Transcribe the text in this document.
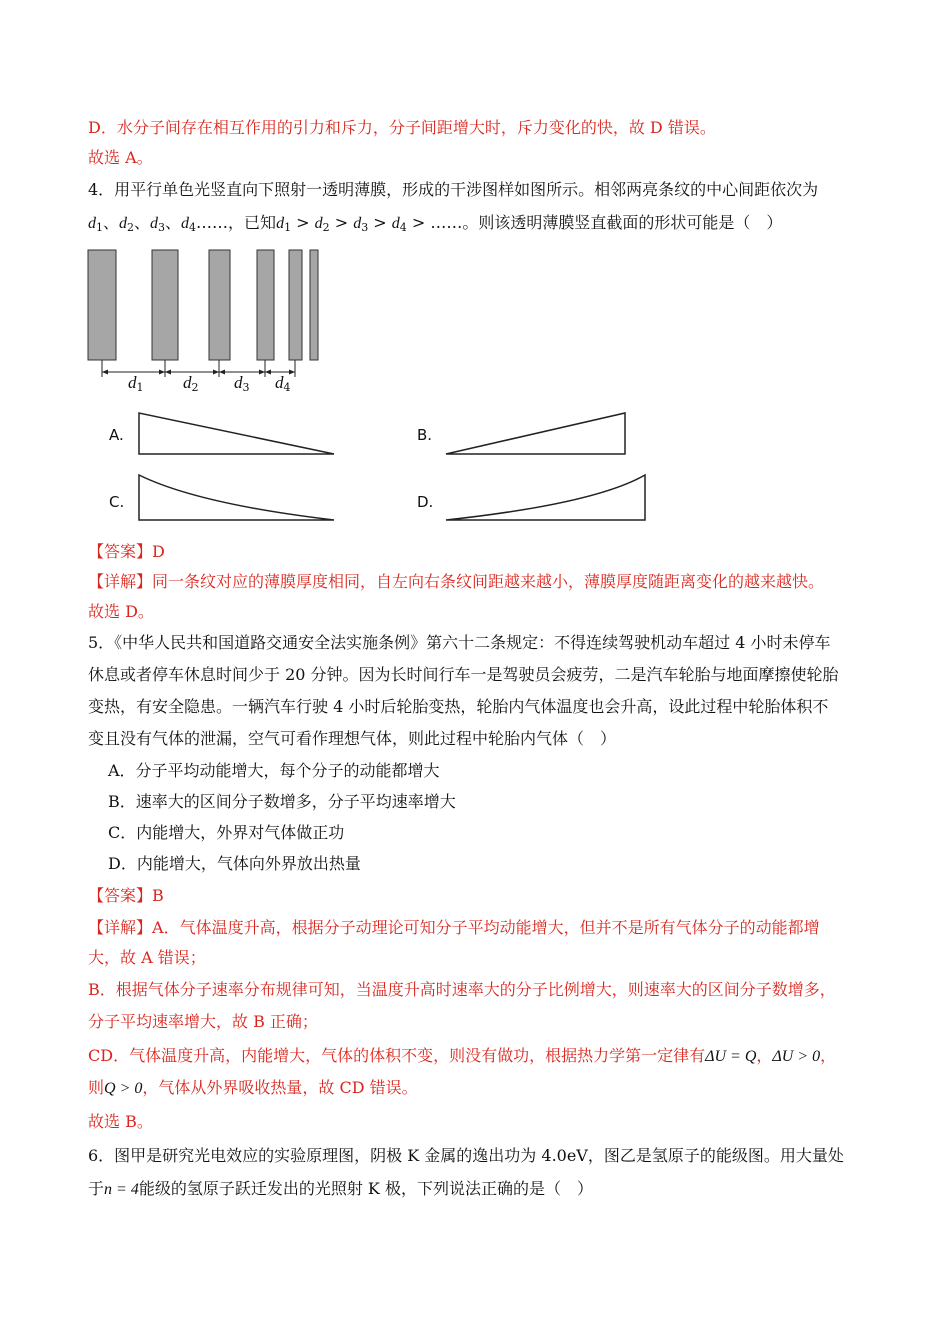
D．水分子间存在相互作用的引力和斥力，分子间距增大时，斥力变化的快，故 D 错误。
故选 A。
4．用平行单色光竖直向下照射一透明薄膜，形成的干涉图样如图所示。相邻两亮条纹的中心间距依次为
$d_1$、$d_2$、$d_3$、$d_4\dots\dots$，已知$d_1 > d_2 > d_3 > d_4$ > ……。则该透明薄膜竖直截面的形状可能是（　）
$d_1$ $d_2$ $d_3$ $d_4$
A.	B.
C.	D.
【答案】D
【详解】同一条纹对应的薄膜厚度相同，自左向右条纹间距越来越小，薄膜厚度随距离变化的越来越快。
故选 D。
5．《中华人民共和国道路交通安全法实施条例》第六十二条规定：不得连续驾驶机动车超过 4 小时未停车
休息或者停车休息时间少于 20 分钟。因为长时间行车一是驾驶员会疲劳，二是汽车轮胎与地面摩擦使轮胎
变热，有安全隐患。一辆汽车行驶 4 小时后轮胎变热，轮胎内气体温度也会升高，设此过程中轮胎体积不
变且没有气体的泄漏，空气可看作理想气体，则此过程中轮胎内气体（　）
A．分子平均动能增大，每个分子的动能都增大
B．速率大的区间分子数增多，分子平均速率增大
C．内能增大，外界对气体做正功
D．内能增大，气体向外界放出热量
【答案】B
【详解】A．气体温度升高，根据分子动理论可知分子平均动能增大，但并不是所有气体分子的动能都增
大，故 A 错误；
B．根据气体分子速率分布规律可知，当温度升高时速率大的分子比例增大，则速率大的区间分子数增多，
分子平均速率增大，故 B 正确；
CD．气体温度升高，内能增大，气体的体积不变，则没有做功，根据热力学第一定律有ΔU = Q，ΔU > 0，
则Q > 0，气体从外界吸收热量，故 CD 错误。
故选 B。
6．图甲是研究光电效应的实验原理图，阴极 K 金属的逸出功为 4.0eV，图乙是氢原子的能级图。用大量处
于n = 4能级的氢原子跃迁发出的光照射 K 极，下列说法正确的是（　）
